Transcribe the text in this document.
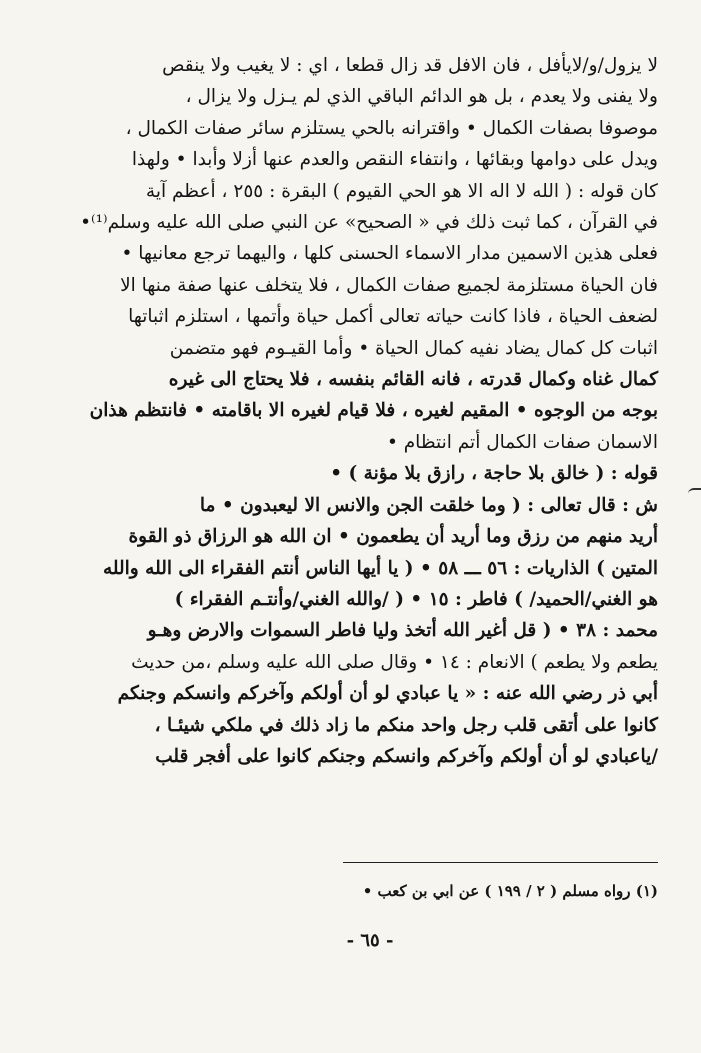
لا يزول/و/لايأفل ، فان الافل قد زال قطعا ، اي : لا يغيب ولا ينقص
ولا يفنى ولا يعدم ، بل هو الدائم الباقي الذي لم يـزل ولا يزال ،
موصوفا بصفات الكمال • واقترانه بالحي يستلزم سائر صفات الكمال ،
ويدل على دوامها وبقائها ، وانتفاء النقص والعدم عنها أزلا وأبدا • ولهذا
كان قوله : ( الله لا اله الا هو الحي القيوم ) البقرة : ٢٥٥ ، أعظم آية
في القرآن ، كما ثبت ذلك في « الصحيح» عن النبي صلى الله عليه وسلم⁽¹⁾•
فعلى هذين الاسمين مدار الاسماء الحسنى كلها ، واليهما ترجع معانيها •
فان الحياة مستلزمة لجميع صفات الكمال ، فلا يتخلف عنها صفة منها الا
لضعف الحياة ، فاذا كانت حياته تعالى أكمل حياة وأتمها ، استلزم اثباتها
اثبات كل كمال يضاد نفيه كمال الحياة • وأما القيـوم فهو متضمن
كمال غناه وكمال قدرته ، فانه القائم بنفسه ، فلا يحتاج الى غيره
بوجه من الوجوه • المقيم لغيره ، فلا قيام لغيره الا باقامته • فانتظم هذان
الاسمان صفات الكمال أتم انتظام •
قوله : ( خالق بلا حاجة ، رازق بلا مؤنة ) •
ش : قال تعالى : ( وما خلقت الجن والانس الا ليعبدون • ما
أريد منهم من رزق وما أريد أن يطعمون • ان الله هو الرزاق ذو القوة
المتين ) الذاريات : ٥٦ ـــ ٥٨ • ( يا أيها الناس أنتم الفقراء الى الله والله
هو الغني/الحميد/ ) فاطر : ١٥ • ( /والله الغني/وأنتـم الفقراء )
محمد : ٣٨ • ( قل أغير الله أتخذ وليا فاطر السموات والارض وهـو
يطعم ولا يطعم ) الانعام : ١٤ • وقال صلى الله عليه وسلم ،من حديث
أبي ذر رضي الله عنه : « يا عبادي لو أن أولكم وآخركم وانسكم وجنكم
كانوا على أتقى قلب رجل واحد منكم ما زاد ذلك في ملكي شيئـا ،
/ياعبادي لو أن أولكم وآخركم وانسكم وجنكم كانوا على أفجر قلب
(١) رواه مسلم ( ٢ / ١٩٩ ) عن ابي بن كعب •
- ٦٥ -
